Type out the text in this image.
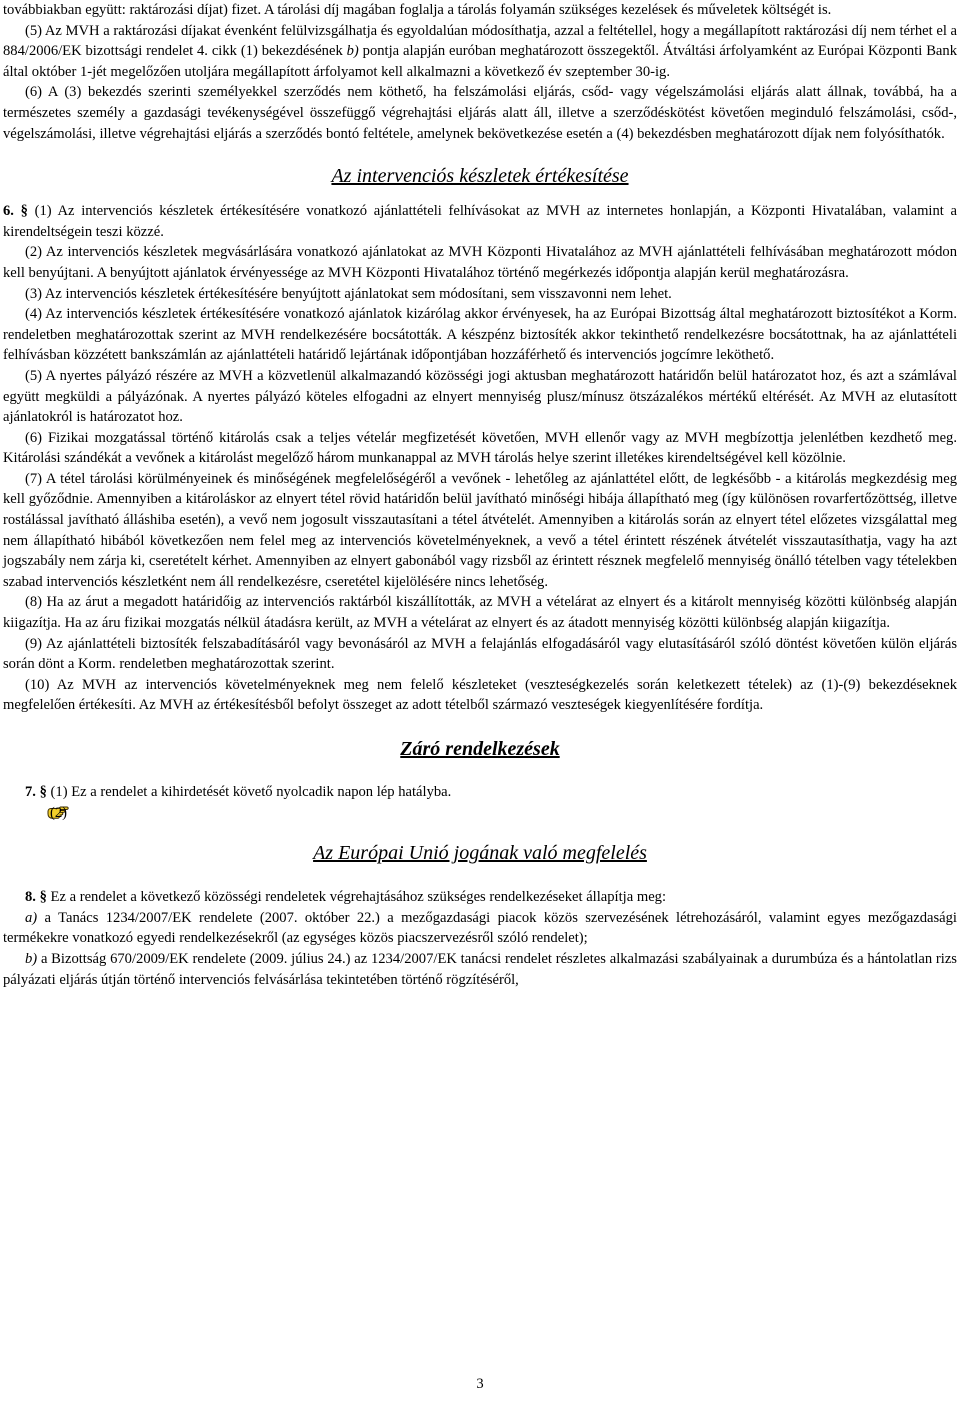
továbbiakban együtt: raktározási díjat) fizet. A tárolási díj magában foglalja a tárolás folyamán szükséges kezelések és műveletek költségét is.

(5) Az MVH a raktározási díjakat évenként felülvizsgálhatja és egyoldalúan módosíthatja, azzal a feltétellel, hogy a megállapított raktározási díj nem térhet el a 884/2006/EK bizottsági rendelet 4. cikk (1) bekezdésének b) pontja alapján euróban meghatározott összegektől. Átváltási árfolyamként az Európai Központi Bank által október 1-jét megelőzően utoljára megállapított árfolyamot kell alkalmazni a következő év szeptember 30-ig.

(6) A (3) bekezdés szerinti személyekkel szerződés nem köthető, ha felszámolási eljárás, csőd- vagy végelszámolási eljárás alatt állnak, továbbá, ha a természetes személy a gazdasági tevékenységével összefüggő végrehajtási eljárás alatt áll, illetve a szerződéskötést követően meginduló felszámolási, csőd-, végelszámolási, illetve végrehajtási eljárás a szerződés bontó feltétele, amelynek bekövetkezése esetén a (4) bekezdésben meghatározott díjak nem folyósíthatók.

Az intervenciós készletek értékesítése

6. § (1) Az intervenciós készletek értékesítésére vonatkozó ajánlattételi felhívásokat az MVH az internetes honlapján, a Központi Hivatalában, valamint a kirendeltségein teszi közzé.

(2) Az intervenciós készletek megvásárlására vonatkozó ajánlatokat az MVH Központi Hivatalához az MVH ajánlattételi felhívásában meghatározott módon kell benyújtani. A benyújtott ajánlatok érvényessége az MVH Központi Hivatalához történő megérkezés időpontja alapján kerül meghatározásra.

(3) Az intervenciós készletek értékesítésére benyújtott ajánlatokat sem módosítani, sem visszavonni nem lehet.

(4) Az intervenciós készletek értékesítésére vonatkozó ajánlatok kizárólag akkor érvényesek, ha az Európai Bizottság által meghatározott biztosítékot a Korm. rendeletben meghatározottak szerint az MVH rendelkezésére bocsátották. A készpénz biztosíték akkor tekinthető rendelkezésre bocsátottnak, ha az ajánlattételi felhívásban közzétett bankszámlán az ajánlattételi határidő lejártának időpontjában hozzáférhető és intervenciós jogcímre leköthető.

(5) A nyertes pályázó részére az MVH a közvetlenül alkalmazandó közösségi jogi aktusban meghatározott határidőn belül határozatot hoz, és azt a számlával együtt megküldi a pályázónak. A nyertes pályázó köteles elfogadni az elnyert mennyiség plusz/mínusz ötszázalékos mértékű eltérését. Az MVH az elutasított ajánlatokról is határozatot hoz.

(6) Fizikai mozgatással történő kitárolás csak a teljes vételár megfizetését követően, MVH ellenőr vagy az MVH megbízottja jelenlétben kezdhető meg. Kitárolási szándékát a vevőnek a kitárolást megelőző három munkanappal az MVH tárolás helye szerint illetékes kirendeltségével kell közölnie.

(7) A tétel tárolási körülményeinek és minőségének megfelelőségéről a vevőnek - lehetőleg az ajánlattétel előtt, de legkésőbb - a kitárolás megkezdésig meg kell győződnie. Amennyiben a kitároláskor az elnyert tétel rövid határidőn belül javítható minőségi hibája állapítható meg (így különösen rovarfertőzöttség, illetve rostálással javítható álláshiba esetén), a vevő nem jogosult visszautasítani a tétel átvételét. Amennyiben a kitárolás során az elnyert tétel előzetes vizsgálattal meg nem állapítható hibából következően nem felel meg az intervenciós követelményeknek, a vevő a tétel érintett részének átvételét visszautasíthatja, vagy ha azt jogszabály nem zárja ki, cseretételt kérhet. Amennyiben az elnyert gabonából vagy rizsből az érintett résznek megfelelő mennyiség önálló tételben vagy tételekben szabad intervenciós készletként nem áll rendelkezésre, cseretétel kijelölésére nincs lehetőség.

(8) Ha az árut a megadott határidőig az intervenciós raktárból kiszállították, az MVH a vételárat az elnyert és a kitárolt mennyiség közötti különbség alapján kiigazítja. Ha az áru fizikai mozgatás nélkül átadásra került, az MVH a vételárat az elnyert és az átadott mennyiség közötti különbség alapján kiigazítja.

(9) Az ajánlattételi biztosíték felszabadításáról vagy bevonásáról az MVH a felajánlás elfogadásáról vagy elutasításáról szóló döntést követően külön eljárás során dönt a Korm. rendeletben meghatározottak szerint.

(10) Az MVH az intervenciós követelményeknek meg nem felelő készleteket (veszteségkezelés során keletkezett tételek) az (1)-(9) bekezdéseknek megfelelően értékesíti. Az MVH az értékesítésből befolyt összeget az adott tételből származó veszteségek kiegyenlítésére fordítja.

Záró rendelkezések

7. § (1) Ez a rendelet a kihirdetését követő nyolcadik napon lép hatályba.

(2)

Az Európai Unió jogának való megfelelés

8. § Ez a rendelet a következő közösségi rendeletek végrehajtásához szükséges rendelkezéseket állapítja meg:

a) a Tanács 1234/2007/EK rendelete (2007. október 22.) a mezőgazdasági piacok közös szervezésének létrehozásáról, valamint egyes mezőgazdasági termékekre vonatkozó egyedi rendelkezésekről (az egységes közös piacszervezésről szóló rendelet);

b) a Bizottság 670/2009/EK rendelete (2009. július 24.) az 1234/2007/EK tanácsi rendelet részletes alkalmazási szabályainak a durumbúza és a hántolatlan rizs pályázati eljárás útján történő intervenciós felvásárlása tekintetében történő rögzítéséről,

3
